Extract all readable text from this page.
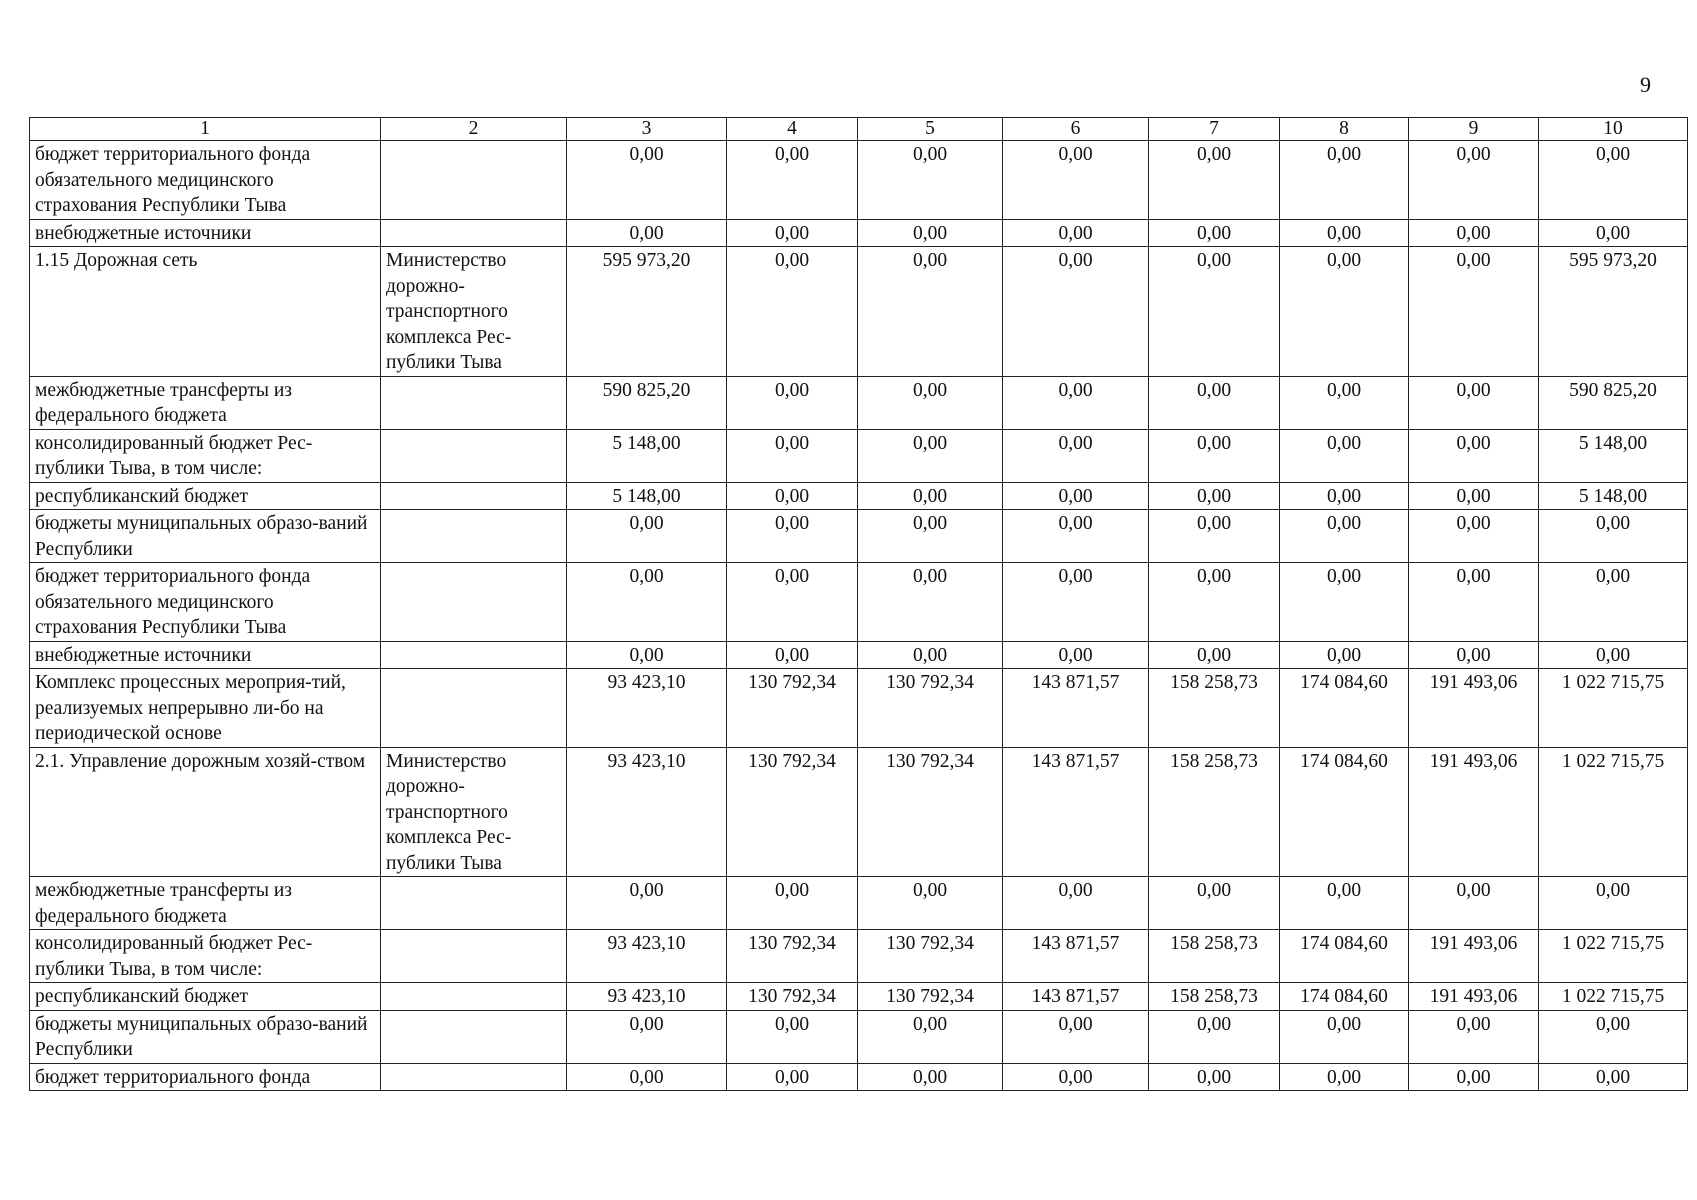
9
1	2	3	4	5	6	7	8	9	10
бюджет территориального фонда обязательного медицинского страхования Республики Тыва		0,00	0,00	0,00	0,00	0,00	0,00	0,00	0,00
внебюджетные источники		0,00	0,00	0,00	0,00	0,00	0,00	0,00	0,00
1.15 Дорожная сеть	Министерство дорожно-транспортного комплекса Рес-публики Тыва	595 973,20	0,00	0,00	0,00	0,00	0,00	0,00	595 973,20
межбюджетные трансферты из федерального бюджета		590 825,20	0,00	0,00	0,00	0,00	0,00	0,00	590 825,20
консолидированный бюджет Рес-публики Тыва, в том числе:		5 148,00	0,00	0,00	0,00	0,00	0,00	0,00	5 148,00
республиканский бюджет		5 148,00	0,00	0,00	0,00	0,00	0,00	0,00	5 148,00
бюджеты муниципальных образо-ваний Республики		0,00	0,00	0,00	0,00	0,00	0,00	0,00	0,00
бюджет территориального фонда обязательного медицинского страхования Республики Тыва		0,00	0,00	0,00	0,00	0,00	0,00	0,00	0,00
внебюджетные источники		0,00	0,00	0,00	0,00	0,00	0,00	0,00	0,00
Комплекс процессных мероприя-тий, реализуемых непрерывно ли-бо на периодической основе		93 423,10	130 792,34	130 792,34	143 871,57	158 258,73	174 084,60	191 493,06	1 022 715,75
2.1. Управление дорожным хозяй-ством	Министерство дорожно-транспортного комплекса Рес-публики Тыва	93 423,10	130 792,34	130 792,34	143 871,57	158 258,73	174 084,60	191 493,06	1 022 715,75
межбюджетные трансферты из федерального бюджета		0,00	0,00	0,00	0,00	0,00	0,00	0,00	0,00
консолидированный бюджет Рес-публики Тыва, в том числе:		93 423,10	130 792,34	130 792,34	143 871,57	158 258,73	174 084,60	191 493,06	1 022 715,75
республиканский бюджет		93 423,10	130 792,34	130 792,34	143 871,57	158 258,73	174 084,60	191 493,06	1 022 715,75
бюджеты муниципальных образо-ваний Республики		0,00	0,00	0,00	0,00	0,00	0,00	0,00	0,00
бюджет территориального фонда		0,00	0,00	0,00	0,00	0,00	0,00	0,00	0,00
